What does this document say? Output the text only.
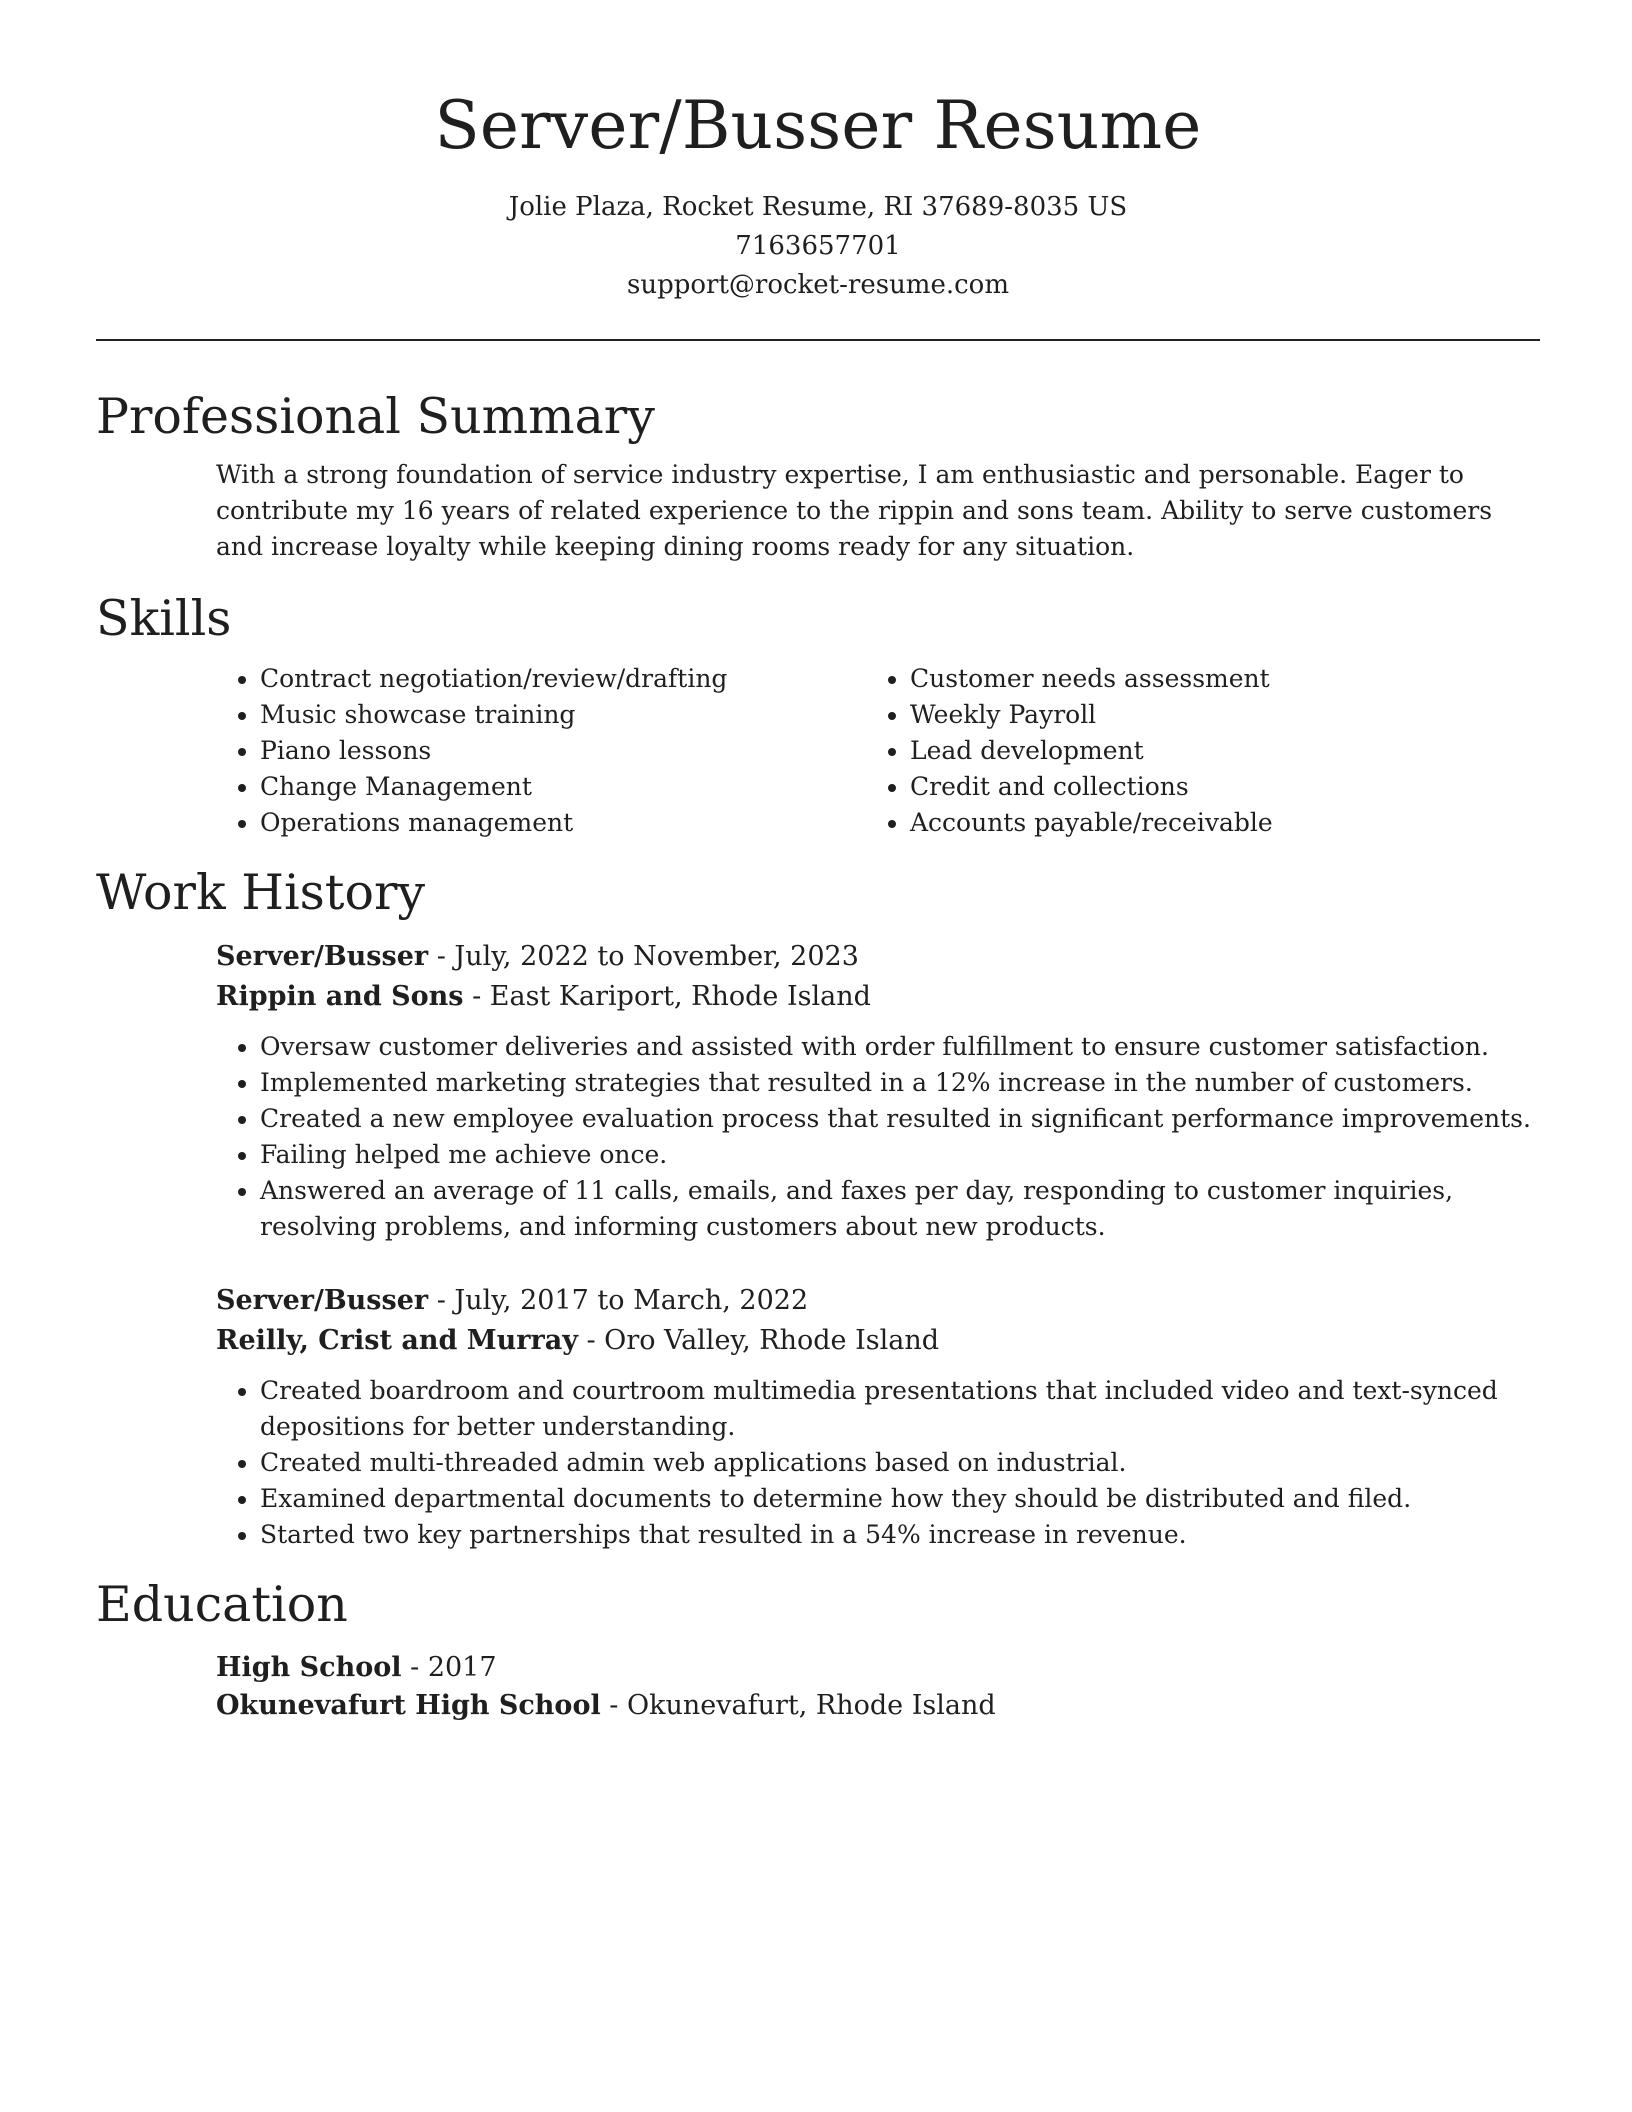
Server/Busser Resume
Jolie Plaza, Rocket Resume, RI 37689-8035 US
7163657701
support@rocket-resume.com
Professional Summary
With a strong foundation of service industry expertise, I am enthusiastic and personable. Eager to contribute my 16 years of related experience to the rippin and sons team. Ability to serve customers and increase loyalty while keeping dining rooms ready for any situation.
Skills
• Contract negotiation/review/drafting
• Music showcase training
• Piano lessons
• Change Management
• Operations management
• Customer needs assessment
• Weekly Payroll
• Lead development
• Credit and collections
• Accounts payable/receivable
Work History
Server/Busser - July, 2022 to November, 2023
Rippin and Sons - East Kariport, Rhode Island
• Oversaw customer deliveries and assisted with order fulfillment to ensure customer satisfaction.
• Implemented marketing strategies that resulted in a 12% increase in the number of customers.
• Created a new employee evaluation process that resulted in significant performance improvements.
• Failing helped me achieve once.
• Answered an average of 11 calls, emails, and faxes per day, responding to customer inquiries, resolving problems, and informing customers about new products.
Server/Busser - July, 2017 to March, 2022
Reilly, Crist and Murray - Oro Valley, Rhode Island
• Created boardroom and courtroom multimedia presentations that included video and text-synced depositions for better understanding.
• Created multi-threaded admin web applications based on industrial.
• Examined departmental documents to determine how they should be distributed and filed.
• Started two key partnerships that resulted in a 54% increase in revenue.
Education
High School - 2017
Okunevafurt High School - Okunevafurt, Rhode Island
